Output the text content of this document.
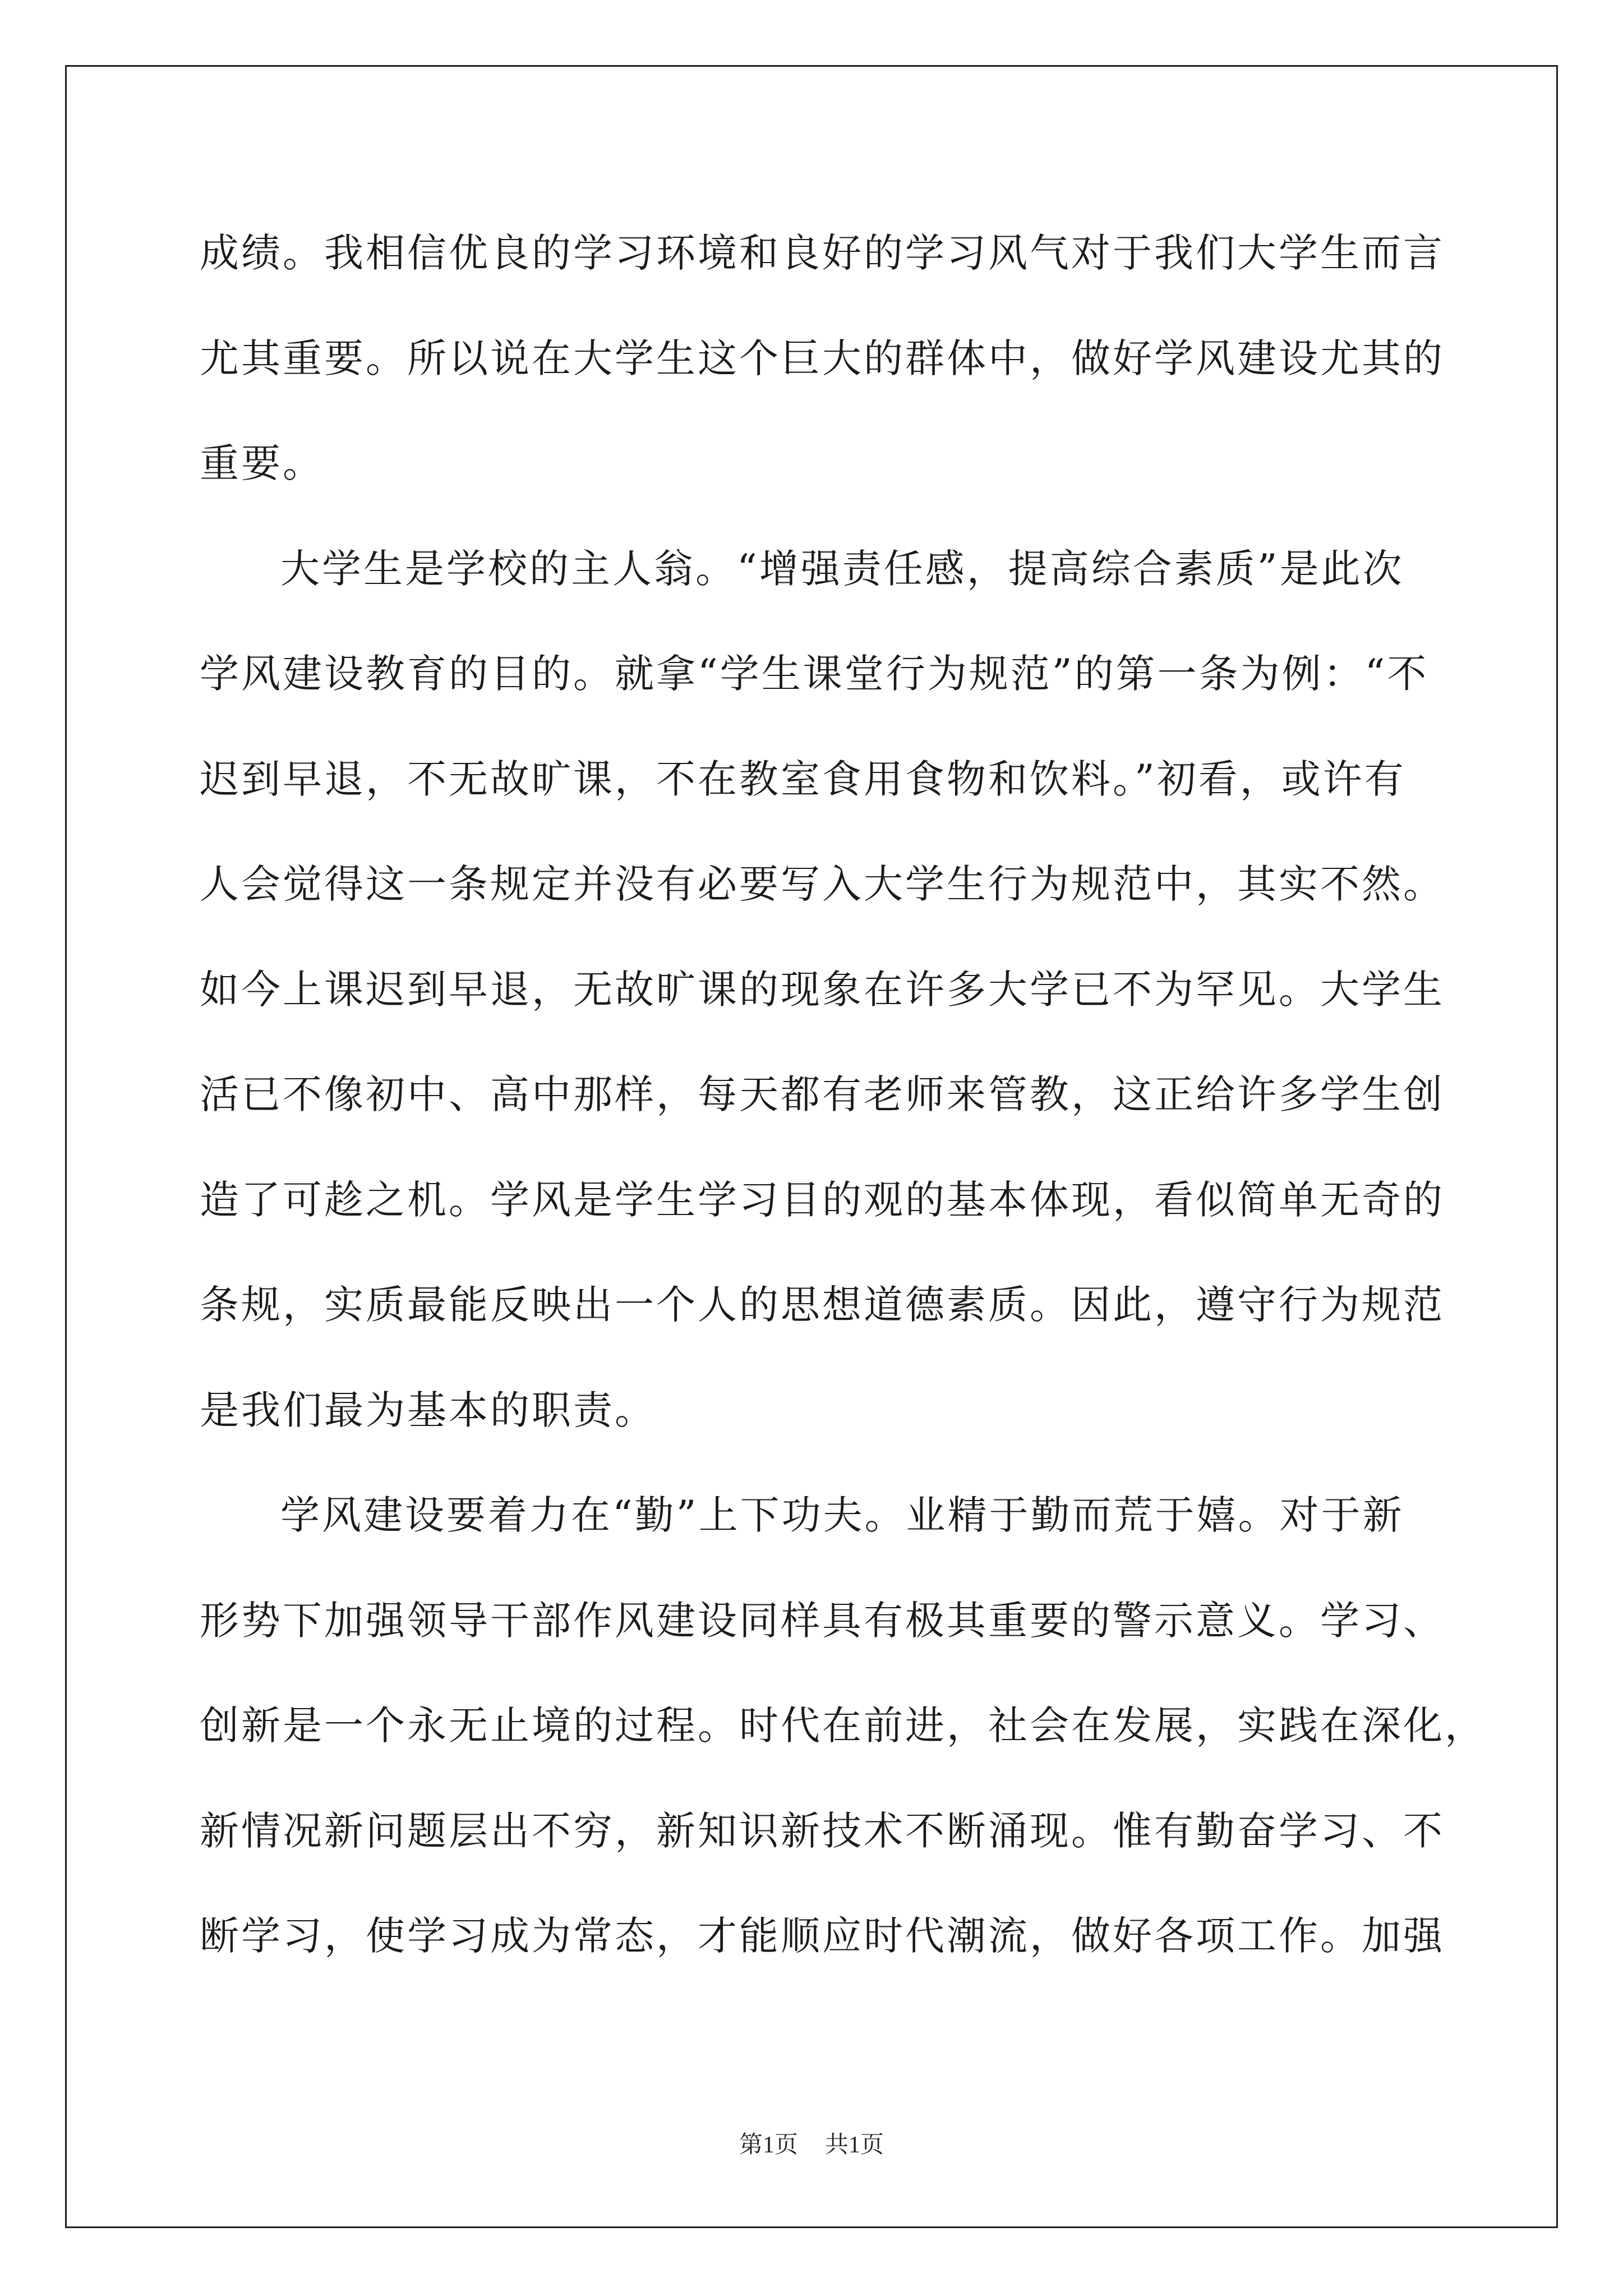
成绩。我相信优良的学习环境和良好的学习风气对于我们大学生而言
尤其重要。所以说在大学生这个巨大的群体中，做好学风建设尤其的
重要。
大学生是学校的主人翁。“增强责任感，提高综合素质”是此次
学风建设教育的目的。就拿“学生课堂行为规范”的第一条为例：“不
迟到早退，不无故旷课，不在教室食用食物和饮料。”初看，或许有
人会觉得这一条规定并没有必要写入大学生行为规范中，其实不然。
如今上课迟到早退，无故旷课的现象在许多大学已不为罕见。大学生
活已不像初中、高中那样，每天都有老师来管教，这正给许多学生创
造了可趁之机。学风是学生学习目的观的基本体现，看似简单无奇的
条规，实质最能反映出一个人的思想道德素质。因此，遵守行为规范
是我们最为基本的职责。
学风建设要着力在“勤”上下功夫。业精于勤而荒于嬉。对于新
形势下加强领导干部作风建设同样具有极其重要的警示意义。学习、
创新是一个永无止境的过程。时代在前进，社会在发展，实践在深化，
新情况新问题层出不穷，新知识新技术不断涌现。惟有勤奋学习、不
断学习，使学习成为常态，才能顺应时代潮流，做好各项工作。加强
第1页 共1页
